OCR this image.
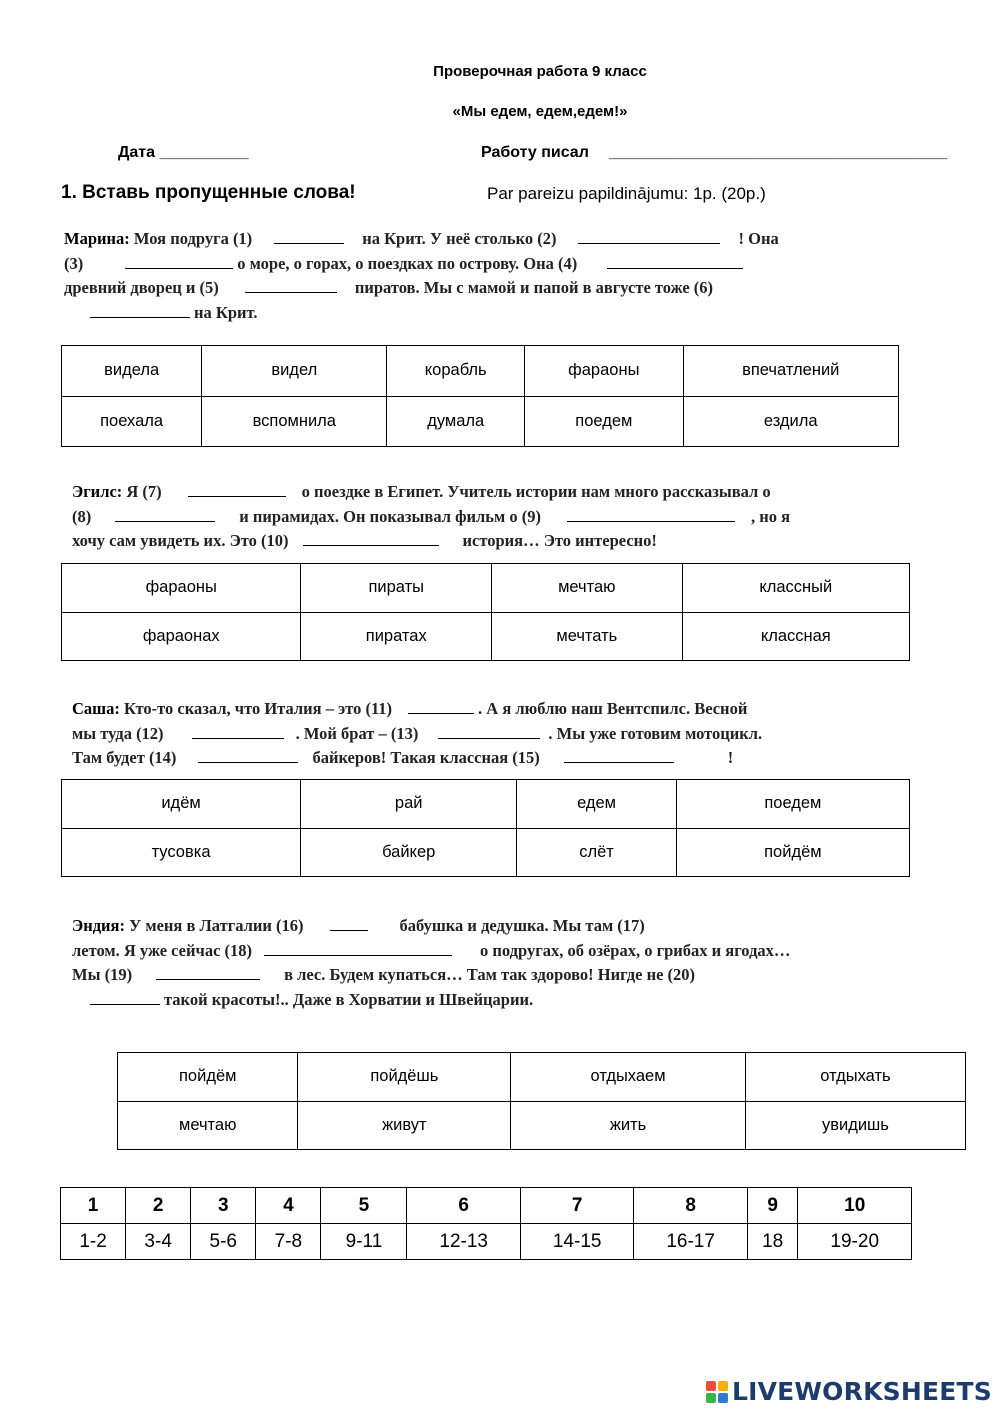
Проверочная работа 9 класс
«Мы едем, едем,едем!»
Дата __________	Работу писал ______________________________________
1. Вставь пропущенные слова!	Par pareizu papildinājumu: 1p. (20p.)
Марина: Моя подруга (1)	на Крит. У неё столько (2)	! Она
(3)	о море, о горах, о поездках по острову. Она (4)
древний дворец и (5)	пиратов. Мы с мамой и папой в августе тоже (6)
на Крит.
видела	видел	корабль	фараоны	впечатлений
поехала	вспомнила	думала	поедем	ездила
Эгилс: Я (7)	о поездке в Египет. Учитель истории нам много рассказывал о
(8)	и пирамидах. Он показывал фильм о (9)	, но я
хочу сам увидеть их. Это (10)	история… Это интересно!
фараоны	пираты	мечтаю	классный
фараонах	пиратах	мечтать	классная
Саша: Кто-то сказал, что Италия – это (11)	. А я люблю наш Вентспилс. Весной
мы туда (12)	. Мой брат – (13)	. Мы уже готовим мотоцикл.
Там будет (14)	байкеров! Такая классная (15)	!
идём	рай	едем	поедем
тусовка	байкер	слёт	пойдём
Эндия: У меня в Латгалии (16)	бабушка и дедушка. Мы там (17)
летом. Я уже сейчас (18)	о подругах, об озёрах, о грибах и ягодах…
Мы (19)	в лес. Будем купаться… Там так здорово! Нигде не (20)
такой красоты!.. Даже в Хорватии и Швейцарии.
пойдём	пойдёшь	отдыхаем	отдыхать
мечтаю	живут	жить	увидишь
1	2	3	4	5	6	7	8	9	10
1-2	3-4	5-6	7-8	9-11	12-13	14-15	16-17	18	19-20
LIVEWORKSHEETS
